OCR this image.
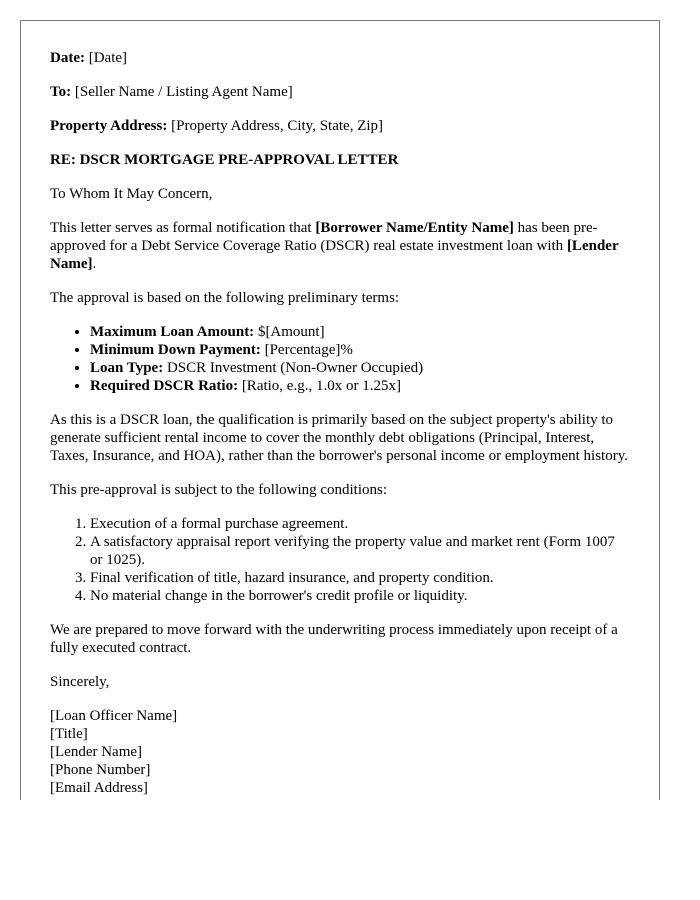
Date: [Date]

To: [Seller Name / Listing Agent Name]

Property Address: [Property Address, City, State, Zip]

RE: DSCR MORTGAGE PRE-APPROVAL LETTER

To Whom It May Concern,

This letter serves as formal notification that [Borrower Name/Entity Name] has been pre-approved for a Debt Service Coverage Ratio (DSCR) real estate investment loan with [Lender Name].

The approval is based on the following preliminary terms:

• Maximum Loan Amount: $[Amount]
• Minimum Down Payment: [Percentage]%
• Loan Type: DSCR Investment (Non-Owner Occupied)
• Required DSCR Ratio: [Ratio, e.g., 1.0x or 1.25x]

As this is a DSCR loan, the qualification is primarily based on the subject property's ability to generate sufficient rental income to cover the monthly debt obligations (Principal, Interest, Taxes, Insurance, and HOA), rather than the borrower's personal income or employment history.

This pre-approval is subject to the following conditions:

1. Execution of a formal purchase agreement.
2. A satisfactory appraisal report verifying the property value and market rent (Form 1007 or 1025).
3. Final verification of title, hazard insurance, and property condition.
4. No material change in the borrower's credit profile or liquidity.

We are prepared to move forward with the underwriting process immediately upon receipt of a fully executed contract.

Sincerely,

[Loan Officer Name]
[Title]
[Lender Name]
[Phone Number]
[Email Address]
